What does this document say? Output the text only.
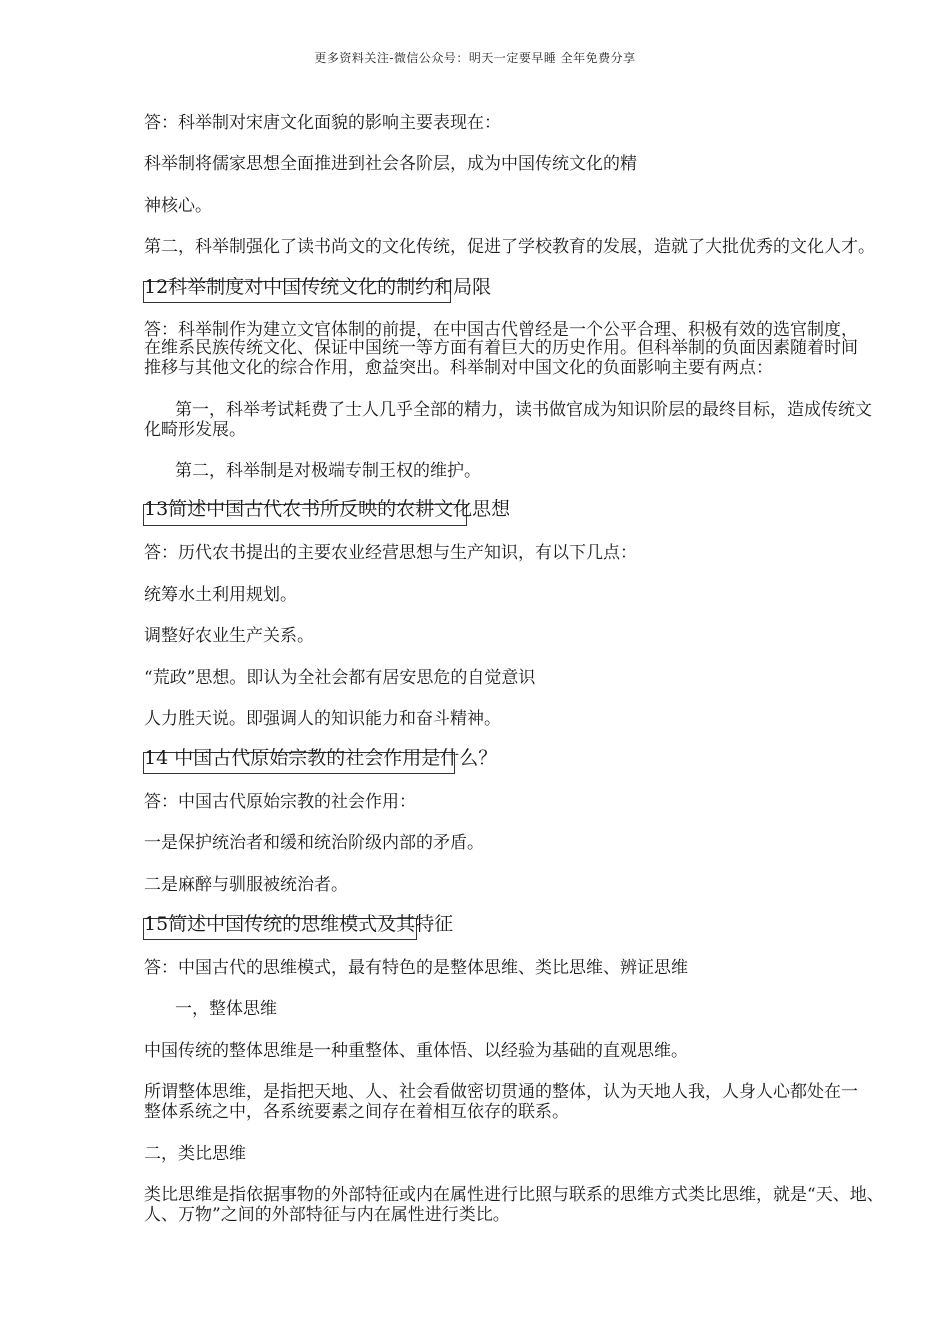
更多资料关注-微信公众号：明天一定要早睡 全年免费分享
答：科举制对宋唐文化面貌的影响主要表现在：
科举制将儒家思想全面推进到社会各阶层，成为中国传统文化的精
神核心。
第二，科举制强化了读书尚文的文化传统，促进了学校教育的发展，造就了大批优秀的文化人才。
12科举制度对中国传统文化的制约和局限
答：科举制作为建立文官体制的前提，在中国古代曾经是一个公平合理、积极有效的选官制度，
在维系民族传统文化、保证中国统一等方面有着巨大的历史作用。但科举制的负面因素随着时间
推移与其他文化的综合作用，愈益突出。科举制对中国文化的负面影响主要有两点：
第一，科举考试耗费了士人几乎全部的精力，读书做官成为知识阶层的最终目标，造成传统文
化畸形发展。
第二，科举制是对极端专制王权的维护。
13简述中国古代农书所反映的农耕文化思想
答：历代农书提出的主要农业经营思想与生产知识，有以下几点：
统筹水土利用规划。
调整好农业生产关系。
“荒政”思想。即认为全社会都有居安思危的自觉意识
人力胜天说。即强调人的知识能力和奋斗精神。
14 中国古代原始宗教的社会作用是什么？
答：中国古代原始宗教的社会作用：
一是保护统治者和缓和统治阶级内部的矛盾。
二是麻醉与驯服被统治者。
15简述中国传统的思维模式及其特征
答：中国古代的思维模式，最有特色的是整体思维、类比思维、辨证思维
一，整体思维
中国传统的整体思维是一种重整体、重体悟、以经验为基础的直观思维。
所谓整体思维，是指把天地、人、社会看做密切贯通的整体，认为天地人我，人身人心都处在一
整体系统之中，各系统要素之间存在着相互依存的联系。
二，类比思维
类比思维是指依据事物的外部特征或内在属性进行比照与联系的思维方式类比思维，就是“天、地、
人、万物”之间的外部特征与内在属性进行类比。
